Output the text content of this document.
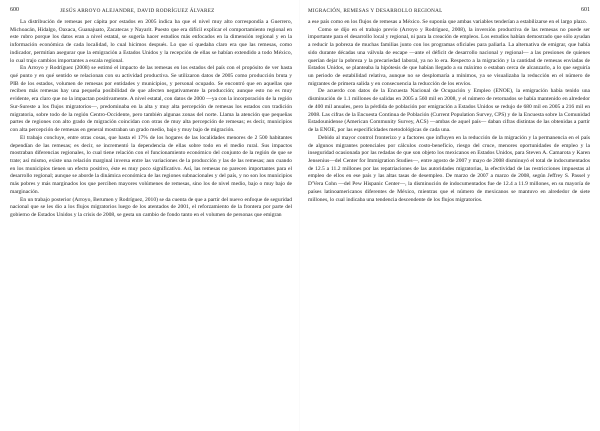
600	JESÚS ARROYO ALEJANDRE, DAVID RODRÍGUEZ ÁLVAREZ

La distribución de remesas per cápita por estados en 2005 indica ba que el nivel muy alto correspondía a Guerrero, Michoacán, Hidalgo, Oaxaca, Guanajuato, Zacatecas y Nayarit. Puesto que era difícil explicar el comportamiento regional en este rubro porque los datos eran a nivel estatal, se sugería hacer estudios más enfocados en la dimensión regional y en la información económica de cada localidad, lo cual hicimos después. Lo que sí quedaba claro era que las remesas, como indicador, permitían asegurar que la emigración a Estados Unidos y la recepción de ellas se habían extendido a todo México, lo cual trajo cambios importantes a escala regional.

En Arroyo y Rodríguez (2008) se estimó el impacto de las remesas en los estados del país con el propósito de ver hasta qué punto y en qué sentido se relacionan con su actividad productiva. Se utilizaron datos de 2005 como producción bruta y PIB de los estados, volumen de remesas por entidades y municipios, y personal ocupado. Se encontró que en aquellas que reciben más remesas hay una pequeña posibilidad de que afecten negativamente la producción; aunque esto no es muy evidente, era claro que no la impactan positivamente. A nivel estatal, con datos de 2000 —ya con la incorporación de la región Sur-Sureste a los flujos migratorios—, predominaba en la alta y muy alta percepción de remesas los estados con tradición migratoria, sobre todo de la región Centro-Occidente, pero también algunas zonas del norte. Llama la atención que pequeñas partes de regiones con alto grado de migración coincidan con otras de muy alta percepción de remesas; es decir, municipios con alta percepción de remesas en general mostraban un grado medio, bajo y muy bajo de migración.

El trabajo concluye, entre otras cosas, que hasta el 17% de los hogares de las localidades menores de 2 500 habitantes dependían de las remesas; es decir, se incrementó la dependencia de ellas sobre todo en el medio rural. Sus impactos mostraban diferencias regionales, lo cual tiene relación con el funcionamiento económico del conjunto de la región de que se trate; así mismo, existe una relación marginal inversa entre las variaciones de la producción y las de las remesas; aun cuando en los municipios tienen un efecto positivo, éste es muy poco significativo. Así, las remesas no parecen importantes para el desarrollo regional; aunque se aborde la dinámica económica de las regiones subnacionales y del país, y no son los municipios más pobres y más marginados los que perciben mayores volúmenes de remesas, sino los de nivel medio, bajo o muy bajo de marginación.

En un trabajo posterior (Arroyo, Berumen y Rodríguez, 2010) se da cuenta de que a partir del nuevo enfoque de seguridad nacional que se les dio a los flujos migratorios luego de los atentados de 2001, el reforzamiento de la frontera por parte del gobierno de Estados Unidos y la crisis de 2008, se gesta un cambio de fondo tanto en el volumen de personas que emigran

MIGRACIÓN, REMESAS Y DESARROLLO REGIONAL	601

a ese país como en los flujos de remesas a México. Se suponía que ambas variables tenderían a estabilizarse en el largo plazo.

Como se dijo en el trabajo previo (Arroyo y Rodríguez, 2008), la inversión productiva de las remesas no puede ser importante para el desarrollo local y regional, ni para la creación de empleos. Los estudios habían demostrado que sólo ayudan a reducir la pobreza de muchas familias junto con los programas oficiales para paliarla. La alternativa de emigrar, que había sido durante décadas una válvula de escape —ante el déficit de desarrollo nacional y regional— a las presiones de quienes querían dejar la pobreza y la precariedad laboral, ya no lo era. Respecto a la migración y la cantidad de remesas enviadas de Estados Unidos, se planteaba la hipótesis de que habían llegado a su máximo o estaban cerca de alcanzarlo, a lo que seguiría un periodo de estabilidad relativa, aunque no se desplomaría a mínimos, ya se visualizaba la reducción en el número de migrantes de primera salida y en consecuencia la reducción de los envíos.

De acuerdo con datos de la Encuesta Nacional de Ocupación y Empleo (ENOE), la emigración había tenido una disminución de 1.1 millones de salidas en 2005 a 560 mil en 2008, y el número de retornados se había mantenido en alrededor de 400 mil anuales, pero la pérdida de población por emigración a Estados Unidos se redujo de 680 mil en 2005 a 216 mil en 2008. Las cifras de la Encuesta Continua de Población (Current Population Survey, CPS) y de la Encuesta sobre la Comunidad Estadounidense (American Community Survey, ACS) —ambas de aquel país— daban cifras distintas de las obtenidas a partir de la ENOE, por las especificidades metodológicas de cada una.

Debido al mayor control fronterizo y a factores que influyen en la reducción de la migración y la permanencia en el país de algunos migrantes potenciales por cálculos costo-beneficio, riesgo del cruce, menores oportunidades de empleo y la inseguridad ocasionada por las redadas de que son objeto los mexicanos en Estados Unidos, para Steven A. Camarota y Karen Jensenius—del Center for Immigration Studies—, entre agosto de 2007 y mayo de 2008 disminuyó el total de indocumentados de 12.5 a 11.2 millones por las repatriaciones de las autoridades migratorias, la efectividad de las restricciones impuestas al empleo de ellos en ese país y las altas tasas de desempleo. De marzo de 2007 a marzo de 2008, según Jeffrey S. Passel y D'Vera Cohn —del Pew Hispanic Center—, la disminución de indocumentados fue de 12.4 a 11.9 millones, en su mayoría de países latinoamericanos diferentes de México, mientras que el número de mexicanos se mantuvo en alrededor de siete millones, lo cual indicaba una tendencia descendente de los flujos migratorios.
